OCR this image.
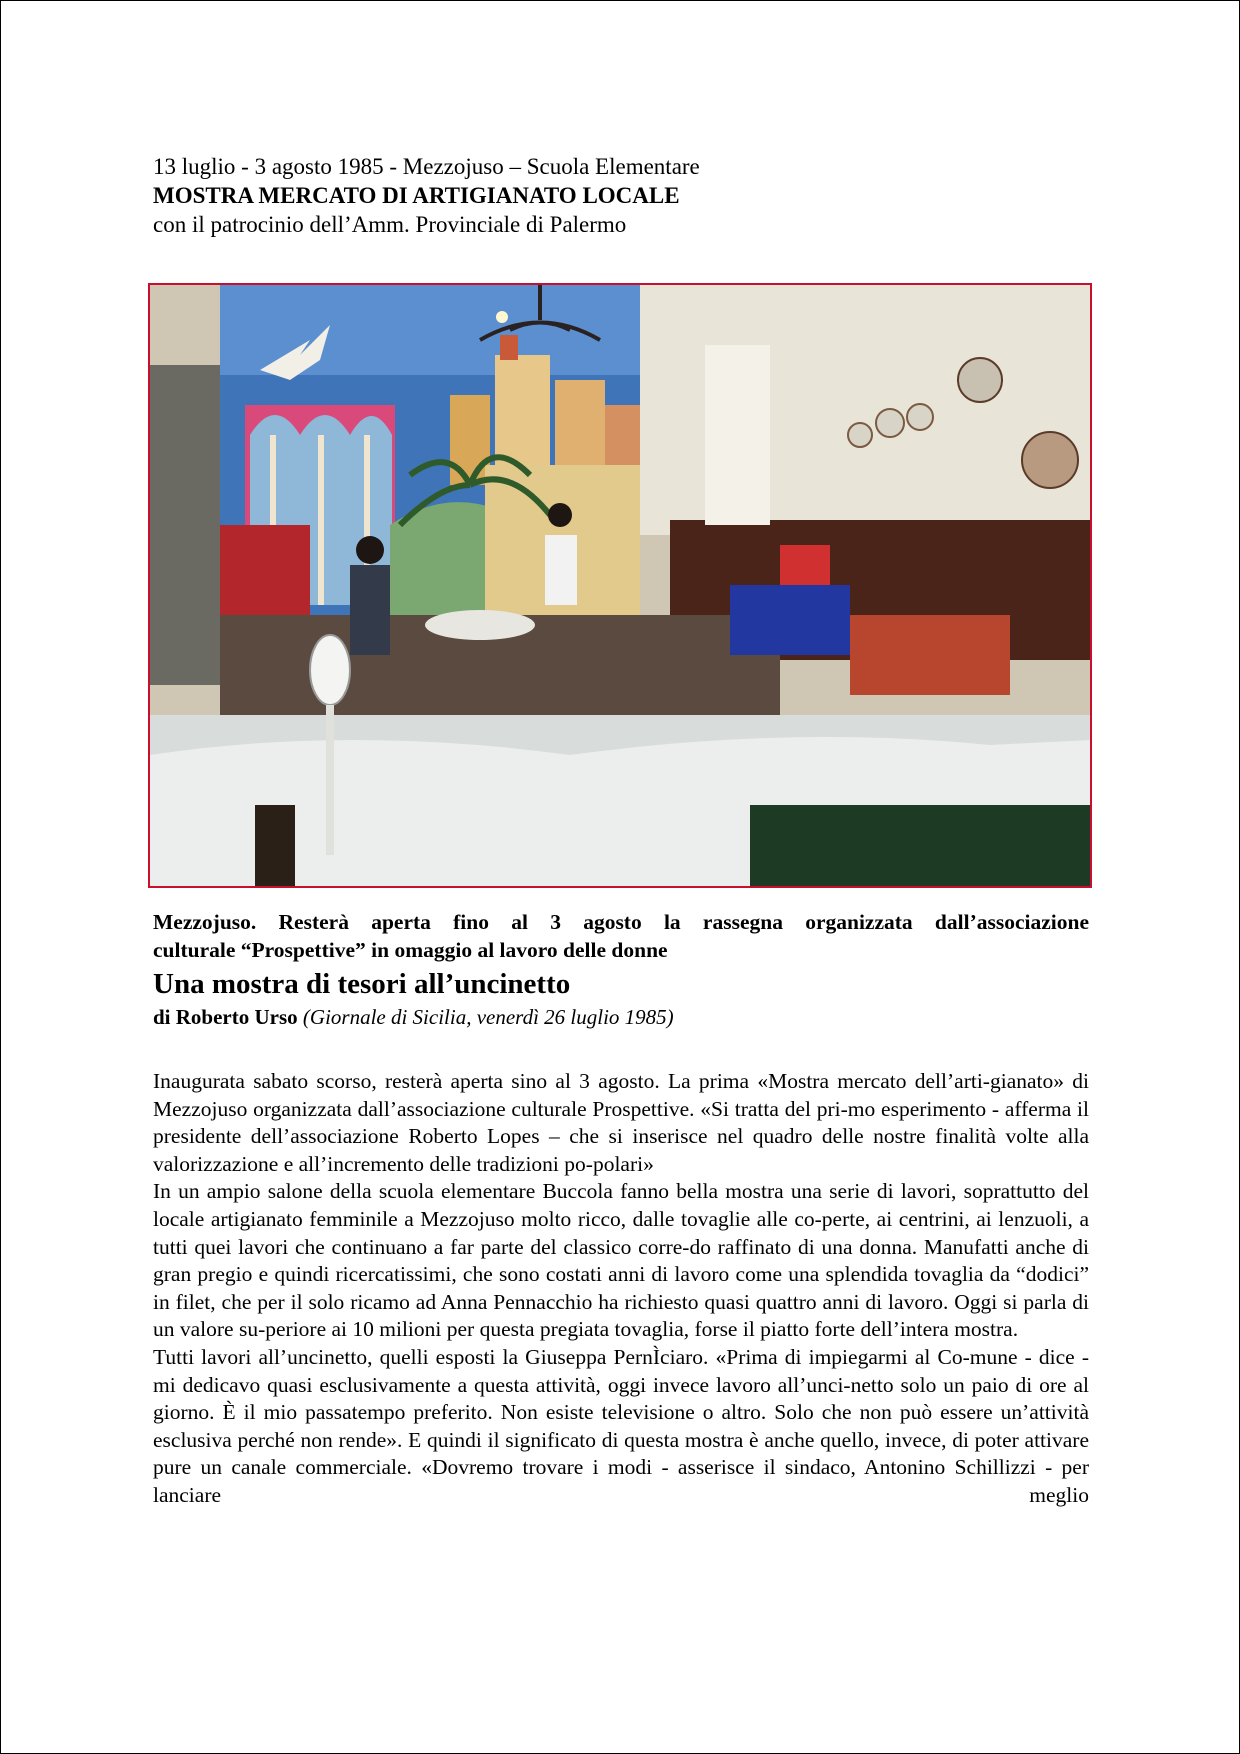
13 luglio - 3 agosto 1985 - Mezzojuso – Scuola Elementare
MOSTRA MERCATO DI ARTIGIANATO LOCALE
con il patrocinio dell’Amm. Provinciale di Palermo
Mezzojuso. Resterà aperta fino al 3 agosto la rassegna organizzata dall’associazione
culturale “Prospettive” in omaggio al lavoro delle donne
Una mostra di tesori all’uncinetto
di Roberto Urso (Giornale di Sicilia, venerdì 26 luglio 1985)

Inaugurata sabato scorso, resterà aperta sino al 3 agosto. La prima «Mostra mercato dell’arti-gianato» di Mezzojuso organizzata dall’associazione culturale Prospettive. «Si tratta del pri-mo esperimento - afferma il presidente dell’associazione Roberto Lopes – che si inserisce nel quadro delle nostre finalità volte alla valorizzazione e all’incremento delle tradizioni po-polari»

In un ampio salone della scuola elementare Buccola fanno bella mostra una serie di lavori, soprattutto del locale artigianato femminile a Mezzojuso molto ricco, dalle tovaglie alle co-perte, ai centrini, ai lenzuoli, a tutti quei lavori che continuano a far parte del classico corre-do raffinato di una donna. Manufatti anche di gran pregio e quindi ricercatissimi, che sono costati anni di lavoro come una splendida tovaglia da “dodici” in filet, che per il solo ricamo ad Anna Pennacchio ha richiesto quasi quattro anni di lavoro. Oggi si parla di un valore su-periore ai 10 milioni per questa pregiata tovaglia, forse il piatto forte dell’intera mostra.

Tutti lavori all’uncinetto, quelli esposti la Giuseppa PernÌciaro. «Prima di impiegarmi al Co-mune - dice - mi dedicavo quasi esclusivamente a questa attività, oggi invece lavoro all’unci-netto solo un paio di ore al giorno. È il mio passatempo preferito. Non esiste televisione o altro. Solo che non può essere un’attività esclusiva perché non rende». E quindi il significato di questa mostra è anche quello, invece, di poter attivare pure un canale commerciale. «Dovremo trovare i modi - asserisce il sindaco, Antonino Schillizzi - per lanciare meglio
